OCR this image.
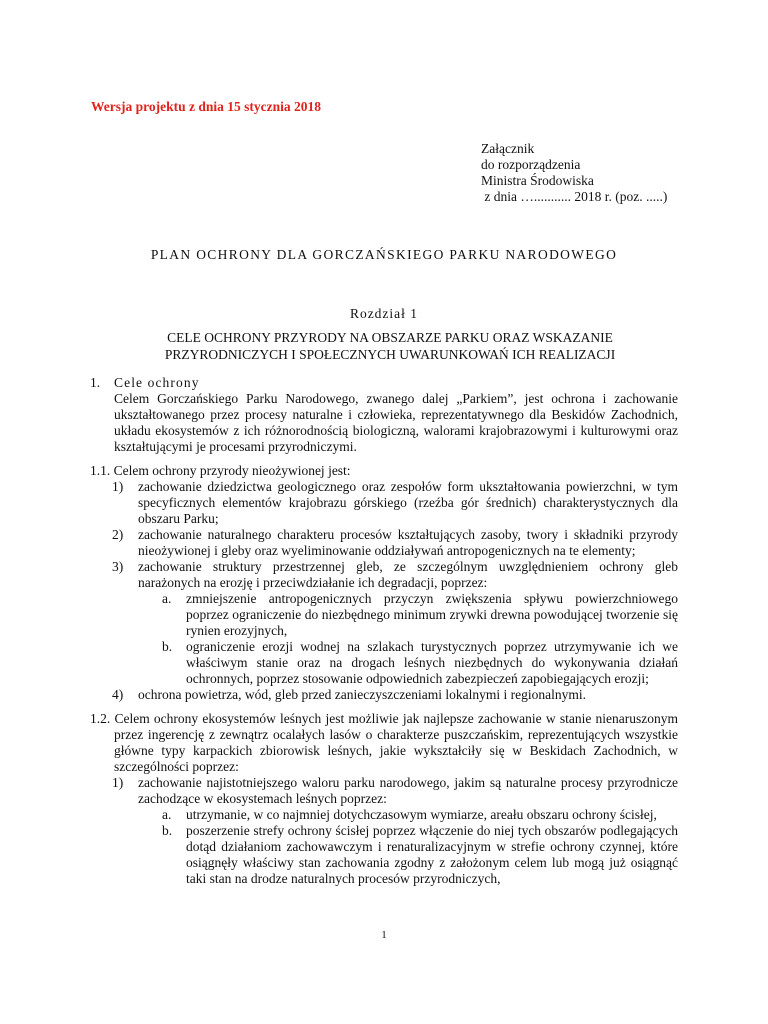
Wersja projektu z dnia 15 stycznia 2018
Załącznik
do rozporządzenia
Ministra Środowiska
z dnia …........... 2018 r. (poz. .....)
PLAN OCHRONY DLA GORCZAŃSKIEGO PARKU NARODOWEGO
Rozdział 1
CELE OCHRONY PRZYRODY NA OBSZARZE PARKU ORAZ WSKAZANIE PRZYRODNICZYCH I SPOŁECZNYCH UWARUNKOWAŃ ICH REALIZACJI
1.	Cele ochrony
Celem Gorczańskiego Parku Narodowego, zwanego dalej „Parkiem”, jest ochrona i zachowanie ukształtowanego przez procesy naturalne i człowieka, reprezentatywnego dla Beskidów Zachodnich, układu ekosystemów z ich różnorodnością biologiczną, walorami krajobrazowymi i kulturowymi oraz kształtującymi je procesami przyrodniczymi.
1.1. Celem ochrony przyrody nieożywionej jest:
1)	zachowanie dziedzictwa geologicznego oraz zespołów form ukształtowania powierzchni, w tym specyficznych elementów krajobrazu górskiego (rzeźba gór średnich) charakterystycznych dla obszaru Parku;
2)	zachowanie naturalnego charakteru procesów kształtujących zasoby, twory i składniki przyrody nieożywionej i gleby oraz wyeliminowanie oddziaływań antropogenicznych na te elementy;
3)	zachowanie struktury przestrzennej gleb, ze szczególnym uwzględnieniem ochrony gleb narażonych na erozję i przeciwdziałanie ich degradacji, poprzez:
a.	zmniejszenie antropogenicznych przyczyn zwiększenia spływu powierzchniowego poprzez ograniczenie do niezbędnego minimum zrywki drewna powodującej tworzenie się rynien erozyjnych,
b.	ograniczenie erozji wodnej na szlakach turystycznych poprzez utrzymywanie ich we właściwym stanie oraz na drogach leśnych niezbędnych do wykonywania działań ochronnych, poprzez stosowanie odpowiednich zabezpieczeń zapobiegających erozji;
4)	ochrona powietrza, wód, gleb przed zanieczyszczeniami lokalnymi i regionalnymi.
1.2. Celem ochrony ekosystemów leśnych jest możliwie jak najlepsze zachowanie w stanie nienaruszonym przez ingerencję z zewnątrz ocalałych lasów o charakterze puszczańskim, reprezentujących wszystkie główne typy karpackich zbiorowisk leśnych, jakie wykształciły się w Beskidach Zachodnich, w szczególności poprzez:
1)	zachowanie najistotniejszego waloru parku narodowego, jakim są naturalne procesy przyrodnicze zachodzące w ekosystemach leśnych poprzez:
a.	utrzymanie, w co najmniej dotychczasowym wymiarze, areału obszaru ochrony ścisłej,
b.	poszerzenie strefy ochrony ścisłej poprzez włączenie do niej tych obszarów podlegających dotąd działaniom zachowawczym i renaturalizacyjnym w strefie ochrony czynnej, które osiągnęły właściwy stan zachowania zgodny z założonym celem lub mogą już osiągnąć taki stan na drodze naturalnych procesów przyrodniczych,
1
